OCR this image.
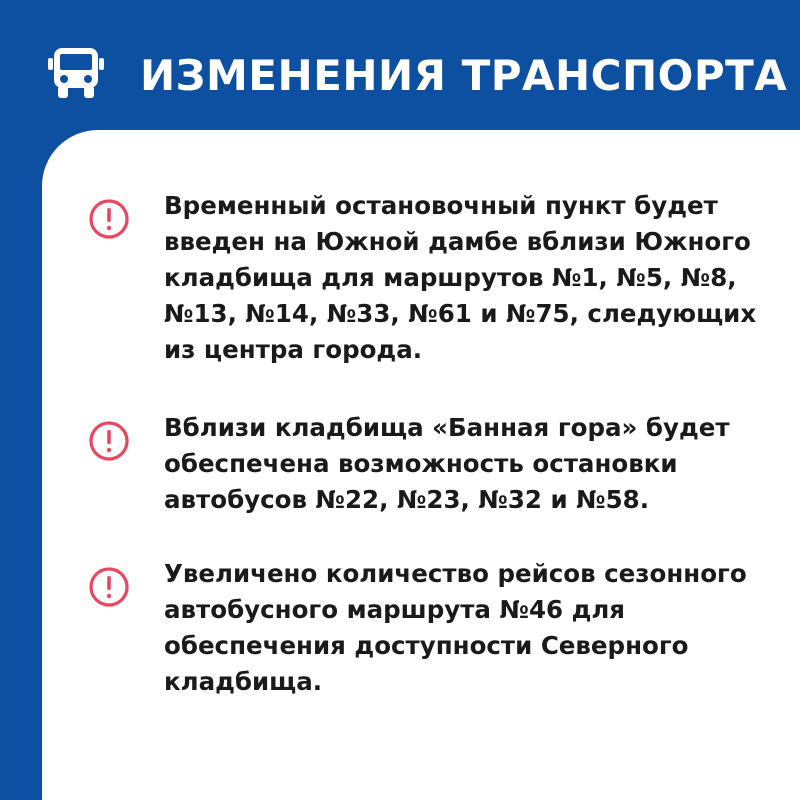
ИЗМЕНЕНИЯ ТРАНСПОРТА
Временный остановочный пункт будет введен на Южной дамбе вблизи Южного кладбища для маршрутов №1, №5, №8, №13, №14, №33, №61 и №75, следующих из центра города.
Вблизи кладбища «Банная гора» будет обеспечена возможность остановки автобусов №22, №23, №32 и №58.
Увеличено количество рейсов сезонного автобусного маршрута №46 для обеспечения доступности Северного кладбища.
